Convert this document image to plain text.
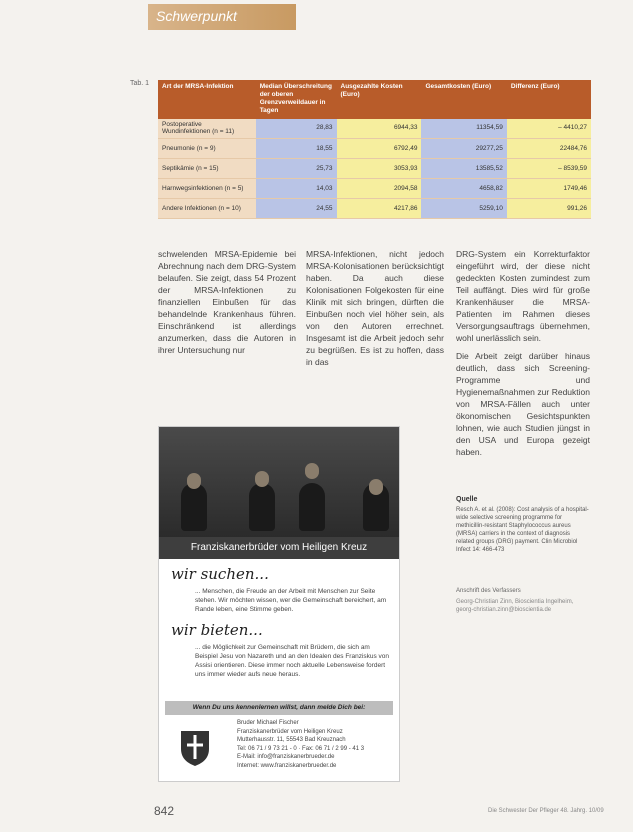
Schwerpunkt
Tab. 1 Art der MRSA-Infektion	Median Überschreitung der oberen Grenzverweildauer in Tagen	Ausgezahlte Kosten (Euro)	Gesamtkosten (Euro)	Differenz (Euro)
Postoperative Wundinfektionen (n = 11)	28,83	6944,33	11354,59	– 4410,27
Pneumonie (n = 9)	18,55	6792,49	29277,25	22484,76
Septikämie (n = 15)	25,73	3053,93	13585,52	– 8539,59
Harnwegsinfektionen (n = 5)	14,03	2094,58	4658,82	1749,46
Andere Infektionen (n = 10)	24,55	4217,86	5259,10	991,26

schwelenden MRSA-Epidemie bei Abrechnung nach dem DRG-System belaufen. Sie zeigt, dass 54 Prozent der MRSA-Infektionen zu finanziellen Einbußen für das behandelnde Krankenhaus führen. Einschränkend ist allerdings anzumerken, dass die Autoren in ihrer Untersuchung nur

MRSA-Infektionen, nicht jedoch MRSA-Kolonisationen berücksichtigt haben. Da auch diese Kolonisationen Folgekosten für eine Klinik mit sich bringen, dürften die Einbußen noch viel höher sein, als von den Autoren errechnet. Insgesamt ist die Arbeit jedoch sehr zu begrüßen. Es ist zu hoffen, dass in das

DRG-System ein Korrekturfaktor eingeführt wird, der diese nicht gedeckten Kosten zumindest zum Teil auffängt. Dies wird für große Krankenhäuser die MRSA-Patienten im Rahmen dieses Versorgungsauftrags übernehmen, wohl unerlässlich sein.

Die Arbeit zeigt darüber hinaus deutlich, dass sich Screening-Programme und Hygienemaßnahmen zur Reduktion von MRSA-Fällen auch unter ökonomischen Gesichtspunkten lohnen, wie auch Studien jüngst in den USA und Europa gezeigt haben.

Quelle
Resch A. et al. (2008): Cost analysis of a hospital-wide selective screening programme for methicillin-resistant Staphylococcus aureus (MRSA) carriers in the context of diagnosis related groups (DRG) payment. Clin Microbiol Infect 14: 466-473
Anschrift des Verfassers
Georg-Christian Zinn, Bioscientia Ingelheim, georg-christian.zinn@bioscientia.de
Franziskanerbrüder vom Heiligen Kreuz
wir suchen...
... Menschen, die Freude an der Arbeit mit Menschen zur Seite stehen. Wir möchten wissen, wer die Gemeinschaft bereichert, am Rande leben, eine Stimme geben.
wir bieten...
... die Möglichkeit zur Gemeinschaft mit Brüdern, die sich am Beispiel Jesu von Nazareth und an den Idealen des Franziskus von Assisi orientieren. Diese immer noch aktuelle Lebensweise fordert uns immer wieder aufs neue heraus.
Wenn Du uns kennenlernen willst, dann melde Dich bei:
Bruder Michael Fischer
Franziskanerbrüder vom Heiligen Kreuz
Mutterhausstr. 11, 55543 Bad Kreuznach
Tel: 06 71 / 9 73 21 - 0 · Fax: 06 71 / 2 99 - 41 3
E-Mail: info@franziskanerbrueder.de
Internet: www.franziskanerbrueder.de
842	Die Schwester Der Pfleger 48. Jahrg. 10/09
